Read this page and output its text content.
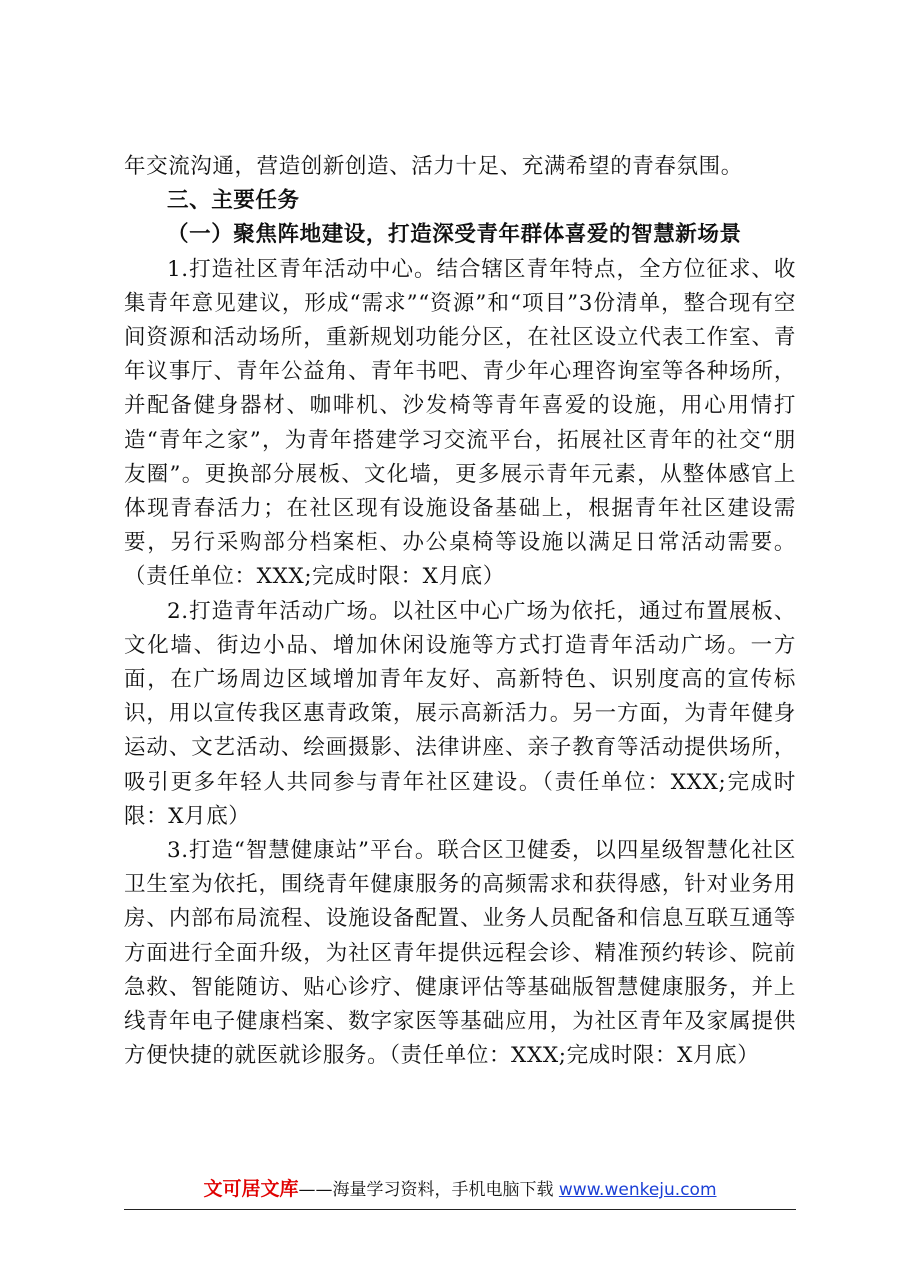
年交流沟通，营造创新创造、活力十足、充满希望的青春氛围。

三、主要任务

（一）聚焦阵地建设，打造深受青年群体喜爱的智慧新场景

1.打造社区青年活动中心。结合辖区青年特点，全方位征求、收集青年意见建议，形成“需求”“资源”和“项目”3份清单，整合现有空间资源和活动场所，重新规划功能分区，在社区设立代表工作室、青年议事厅、青年公益角、青年书吧、青少年心理咨询室等各种场所，并配备健身器材、咖啡机、沙发椅等青年喜爱的设施，用心用情打造“青年之家”，为青年搭建学习交流平台，拓展社区青年的社交“朋友圈”。更换部分展板、文化墙，更多展示青年元素，从整体感官上体现青春活力；在社区现有设施设备基础上，根据青年社区建设需要，另行采购部分档案柜、办公桌椅等设施以满足日常活动需要。（责任单位：XXX;完成时限：X月底）

2.打造青年活动广场。以社区中心广场为依托，通过布置展板、文化墙、街边小品、增加休闲设施等方式打造青年活动广场。一方面，在广场周边区域增加青年友好、高新特色、识别度高的宣传标识，用以宣传我区惠青政策，展示高新活力。另一方面，为青年健身运动、文艺活动、绘画摄影、法律讲座、亲子教育等活动提供场所，吸引更多年轻人共同参与青年社区建设。（责任单位：XXX;完成时限：X月底）

3.打造“智慧健康站”平台。联合区卫健委，以四星级智慧化社区卫生室为依托，围绕青年健康服务的高频需求和获得感，针对业务用房、内部布局流程、设施设备配置、业务人员配备和信息互联互通等方面进行全面升级，为社区青年提供远程会诊、精准预约转诊、院前急救、智能随访、贴心诊疗、健康评估等基础版智慧健康服务，并上线青年电子健康档案、数字家医等基础应用，为社区青年及家属提供方便快捷的就医就诊服务。（责任单位：XXX;完成时限：X月底）

文可居文库——海量学习资料，手机电脑下载 www.wenkeju.com
